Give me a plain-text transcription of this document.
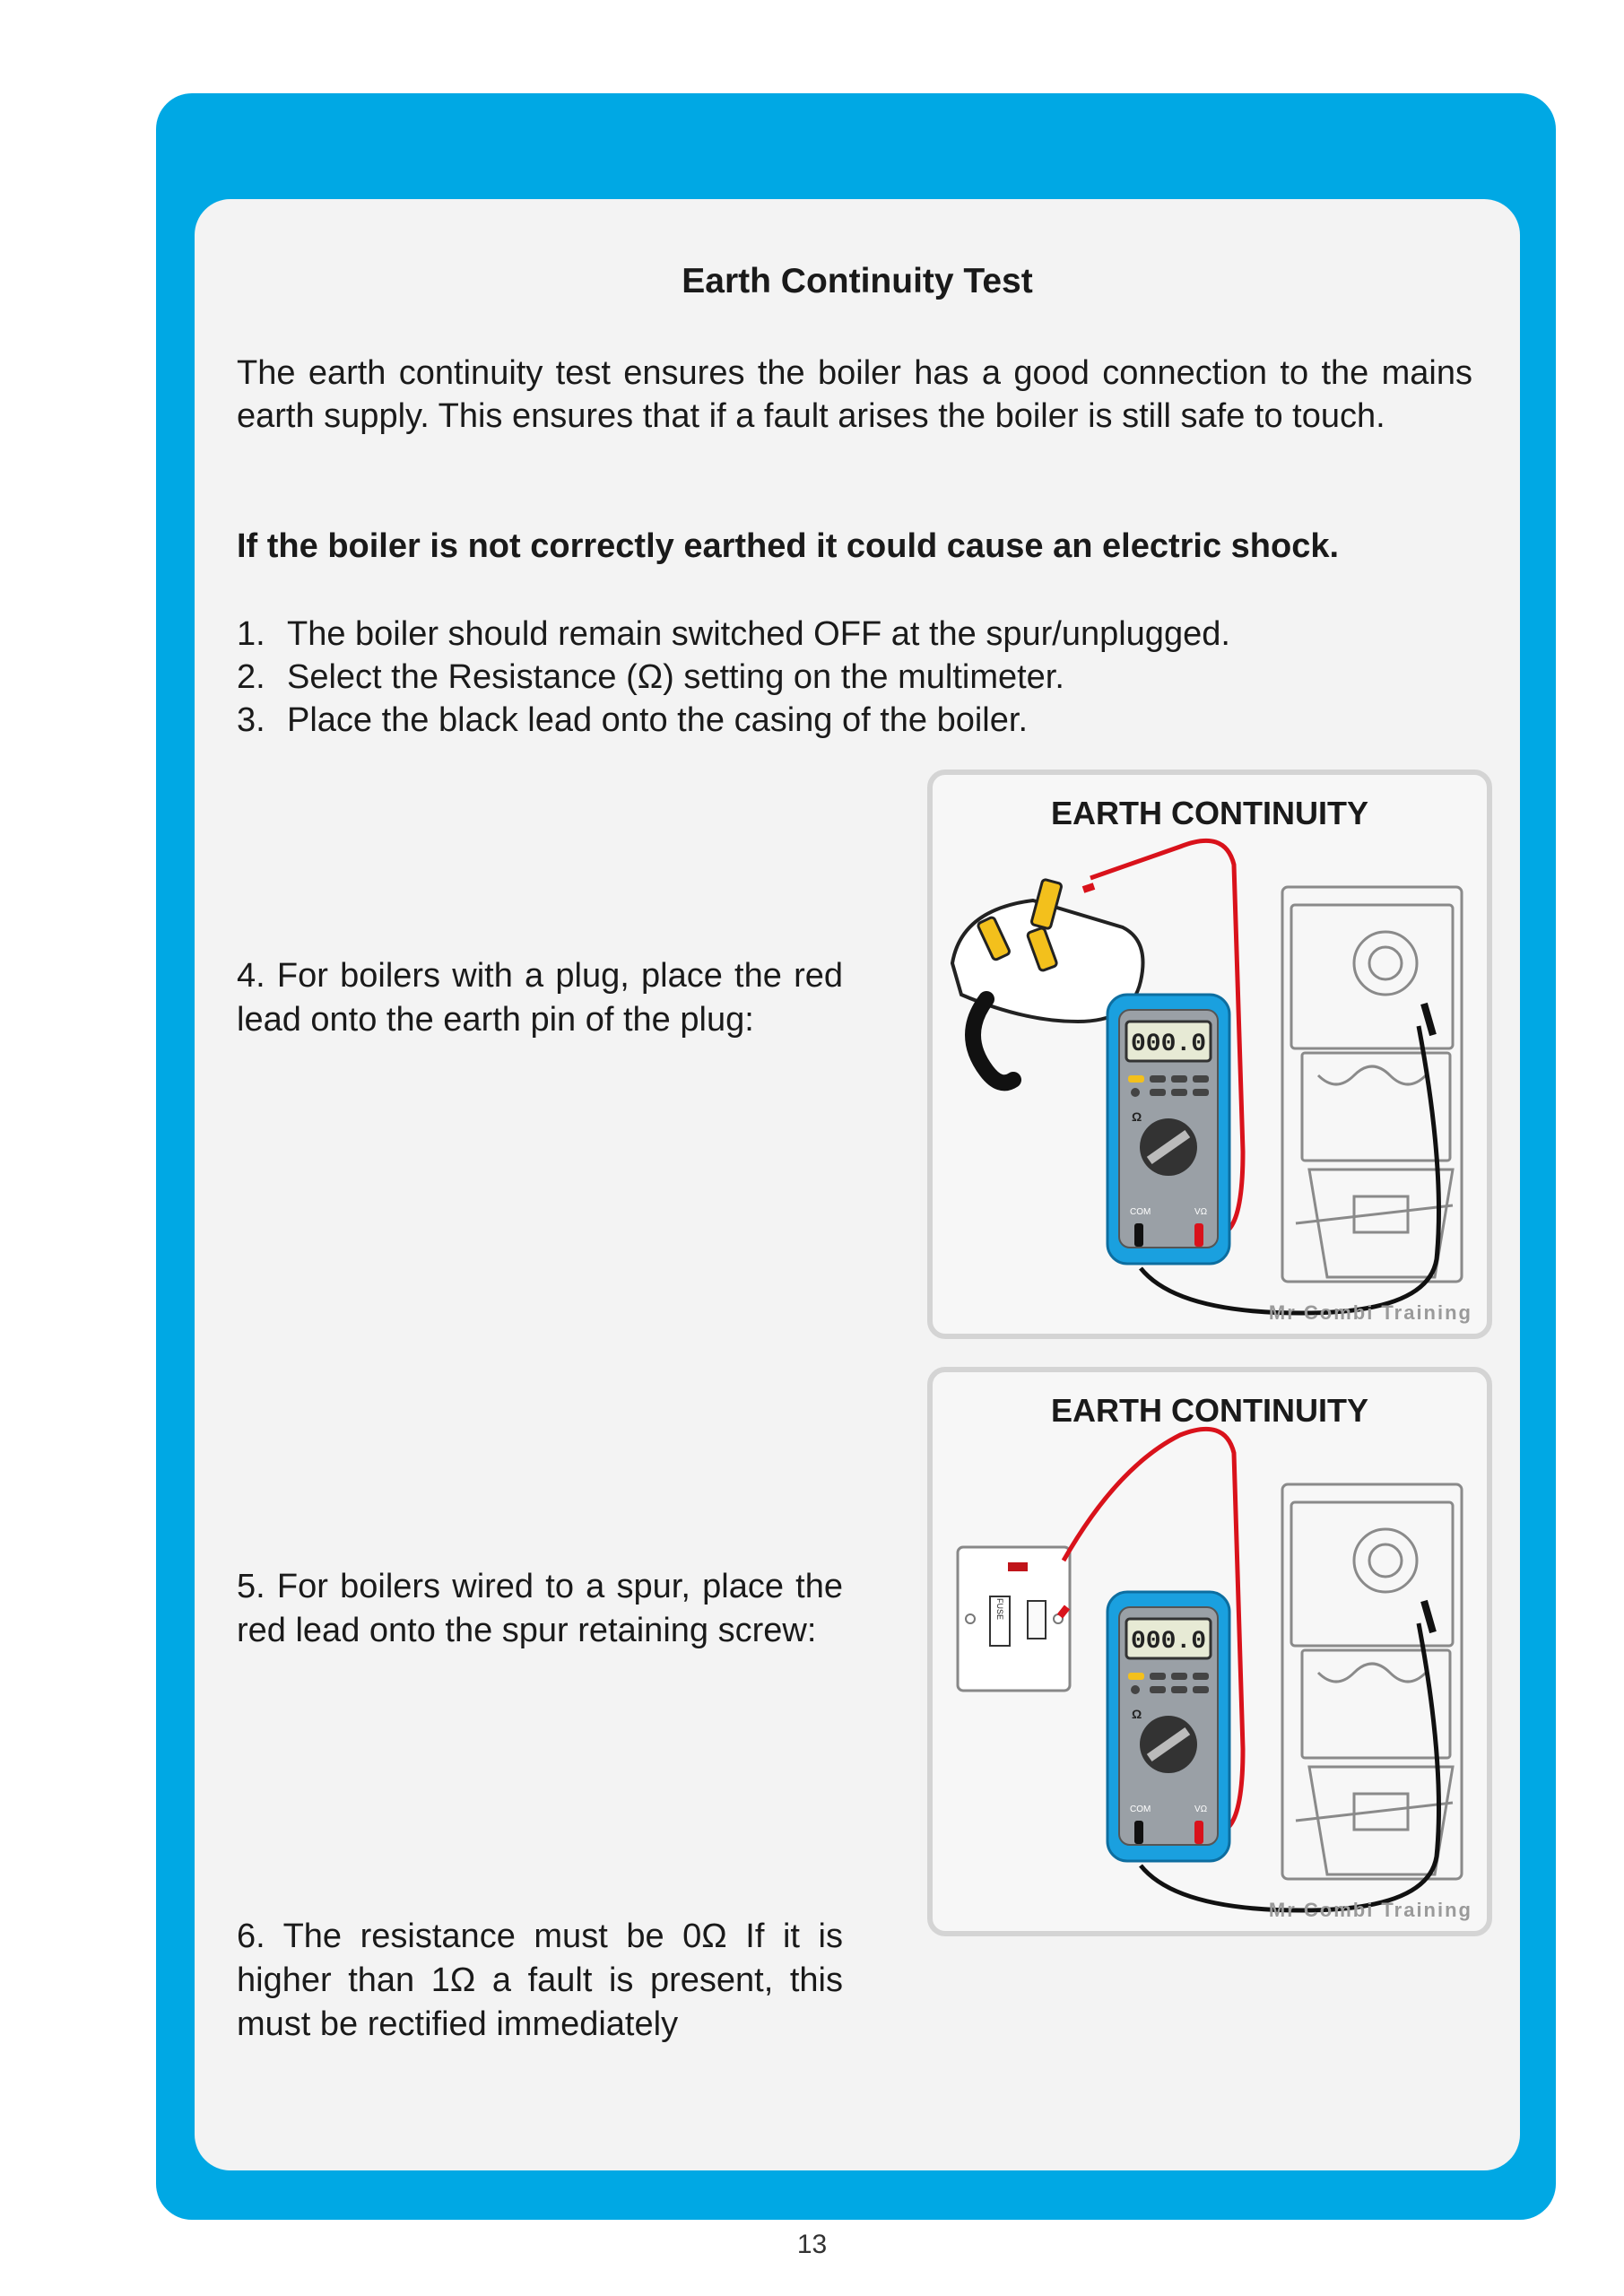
Earth Continuity Test
The earth continuity test ensures the boiler has a good connection to the mains earth supply. This ensures that if a fault arises the boiler is still safe to touch.
If the boiler is not correctly earthed it could cause an electric shock.
1. The boiler should remain switched OFF at the spur/unplugged.
2. Select the Resistance (Ω) setting on the multimeter.
3. Place the black lead onto the casing of the boiler.
4. For boilers with a plug, place the red lead onto the earth pin of the plug:
5. For boilers wired to a spur, place the red lead onto the spur retaining screw:
6. The resistance must be 0Ω If it is higher than 1Ω a fault is present, this must be rectified immediately
000.0
Ω
COM	VΩ
EARTH CONTINUITY
Mr Combi Training
FUSE
000.0
Ω
COM	VΩ
EARTH CONTINUITY
Mr Combi Training
13
